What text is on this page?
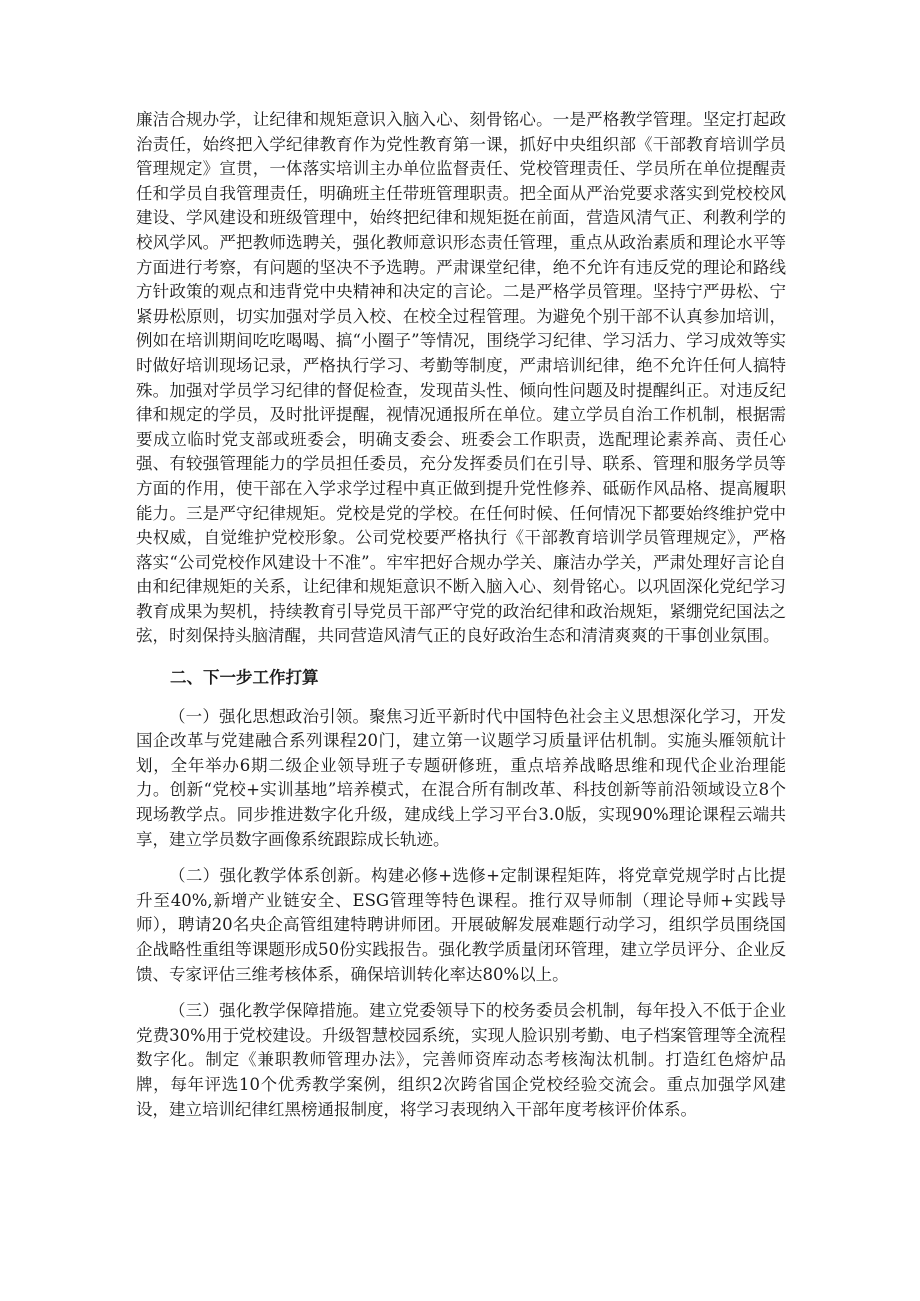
廉洁合规办学，让纪律和规矩意识入脑入心、刻骨铭心。一是严格教学管理。坚定打起政治责任，始终把入学纪律教育作为党性教育第一课，抓好中央组织部《干部教育培训学员管理规定》宣贯，一体落实培训主办单位监督责任、党校管理责任、学员所在单位提醒责任和学员自我管理责任，明确班主任带班管理职责。把全面从严治党要求落实到党校校风建设、学风建设和班级管理中，始终把纪律和规矩挺在前面，营造风清气正、利教利学的校风学风。严把教师选聘关，强化教师意识形态责任管理，重点从政治素质和理论水平等方面进行考察，有问题的坚决不予选聘。严肃课堂纪律，绝不允许有违反党的理论和路线方针政策的观点和违背党中央精神和决定的言论。二是严格学员管理。坚持宁严毋松、宁紧毋松原则，切实加强对学员入校、在校全过程管理。为避免个别干部不认真参加培训，例如在培训期间吃吃喝喝、搞“小圈子”等情况，围绕学习纪律、学习活力、学习成效等实时做好培训现场记录，严格执行学习、考勤等制度，严肃培训纪律，绝不允许任何人搞特殊。加强对学员学习纪律的督促检查，发现苗头性、倾向性问题及时提醒纠正。对违反纪律和规定的学员，及时批评提醒，视情况通报所在单位。建立学员自治工作机制，根据需要成立临时党支部或班委会，明确支委会、班委会工作职责，选配理论素养高、责任心强、有较强管理能力的学员担任委员，充分发挥委员们在引导、联系、管理和服务学员等方面的作用，使干部在入学求学过程中真正做到提升党性修养、砥砺作风品格、提高履职能力。三是严守纪律规矩。党校是党的学校。在任何时候、任何情况下都要始终维护党中央权威，自觉维护党校形象。公司党校要严格执行《干部教育培训学员管理规定》，严格落实“公司党校作风建设十不准”。牢牢把好合规办学关、廉洁办学关，严肃处理好言论自由和纪律规矩的关系，让纪律和规矩意识不断入脑入心、刻骨铭心。以巩固深化党纪学习教育成果为契机，持续教育引导党员干部严守党的政治纪律和政治规矩，紧绷党纪国法之弦，时刻保持头脑清醒，共同营造风清气正的良好政治生态和清清爽爽的干事创业氛围。

二、下一步工作打算

（一）强化思想政治引领。聚焦习近平新时代中国特色社会主义思想深化学习，开发国企改革与党建融合系列课程20门，建立第一议题学习质量评估机制。实施头雁领航计划，全年举办6期二级企业领导班子专题研修班，重点培养战略思维和现代企业治理能力。创新“党校+实训基地”培养模式，在混合所有制改革、科技创新等前沿领域设立8个现场教学点。同步推进数字化升级，建成线上学习平台3.0版，实现90%理论课程云端共享，建立学员数字画像系统跟踪成长轨迹。

（二）强化教学体系创新。构建必修+选修+定制课程矩阵，将党章党规学时占比提升至40%,新增产业链安全、ESG管理等特色课程。推行双导师制（理论导师+实践导师），聘请20名央企高管组建特聘讲师团。开展破解发展难题行动学习，组织学员围绕国企战略性重组等课题形成50份实践报告。强化教学质量闭环管理，建立学员评分、企业反馈、专家评估三维考核体系，确保培训转化率达80%以上。

（三）强化教学保障措施。建立党委领导下的校务委员会机制，每年投入不低于企业党费30%用于党校建设。升级智慧校园系统，实现人脸识别考勤、电子档案管理等全流程数字化。制定《兼职教师管理办法》，完善师资库动态考核淘汰机制。打造红色熔炉品牌，每年评选10个优秀教学案例，组织2次跨省国企党校经验交流会。重点加强学风建设，建立培训纪律红黑榜通报制度，将学习表现纳入干部年度考核评价体系。
